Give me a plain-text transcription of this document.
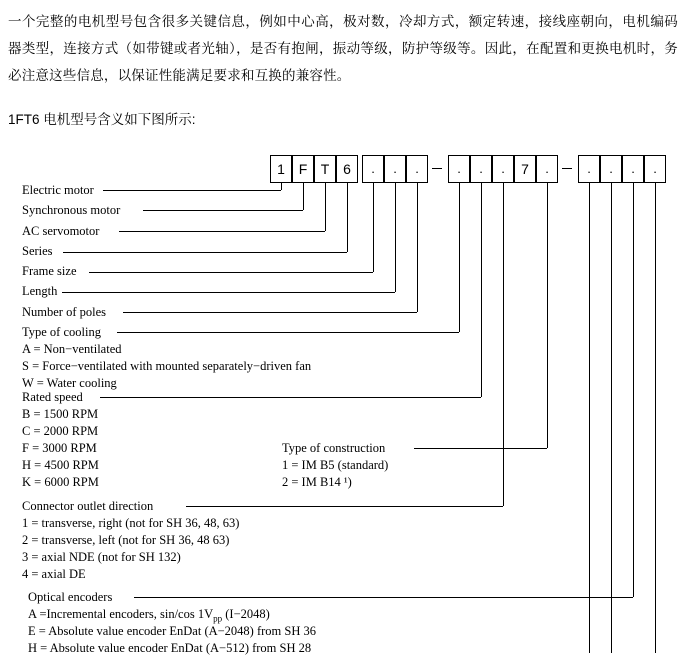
一个完整的电机型号包含很多关键信息，例如中心高，极对数，冷却方式，额定转速，接线座朝向，电机编码器类型，连接方式（如带键或者光轴），是否有抱闸，振动等级，防护等级等。因此，在配置和更换电机时，务必注意这些信息，以保证性能满足要求和互换的兼容性。
1FT6 电机型号含义如下图所示:
1 F T 6	.	.	.	.	.	.	7	.	.	.	.	.
Electric motor
Synchronous motor
AC servomotor
Series
Frame size
Length
Number of poles
Type of cooling
A = Non−ventilated
S = Force−ventilated with mounted separately−driven fan
W = Water cooling
Rated speed
B = 1500 RPM
C = 2000 RPM
F = 3000 RPM
H = 4500 RPM
K = 6000 RPM
Type of construction
1 = IM B5 (standard)
2 = IM B14 ¹)
Connector outlet direction
1 = transverse, right (not for SH 36, 48, 63)
2 = transverse, left (not for SH 36, 48 63)
3 = axial NDE (not for SH 132)
4 = axial DE
Optical encoders
A =Incremental encoders, sin/cos $1V_{pp}$ (I−2048)
E = Absolute value encoder EnDat (A−2048) from SH 36
H = Absolute value encoder EnDat (A−512) from SH 28
